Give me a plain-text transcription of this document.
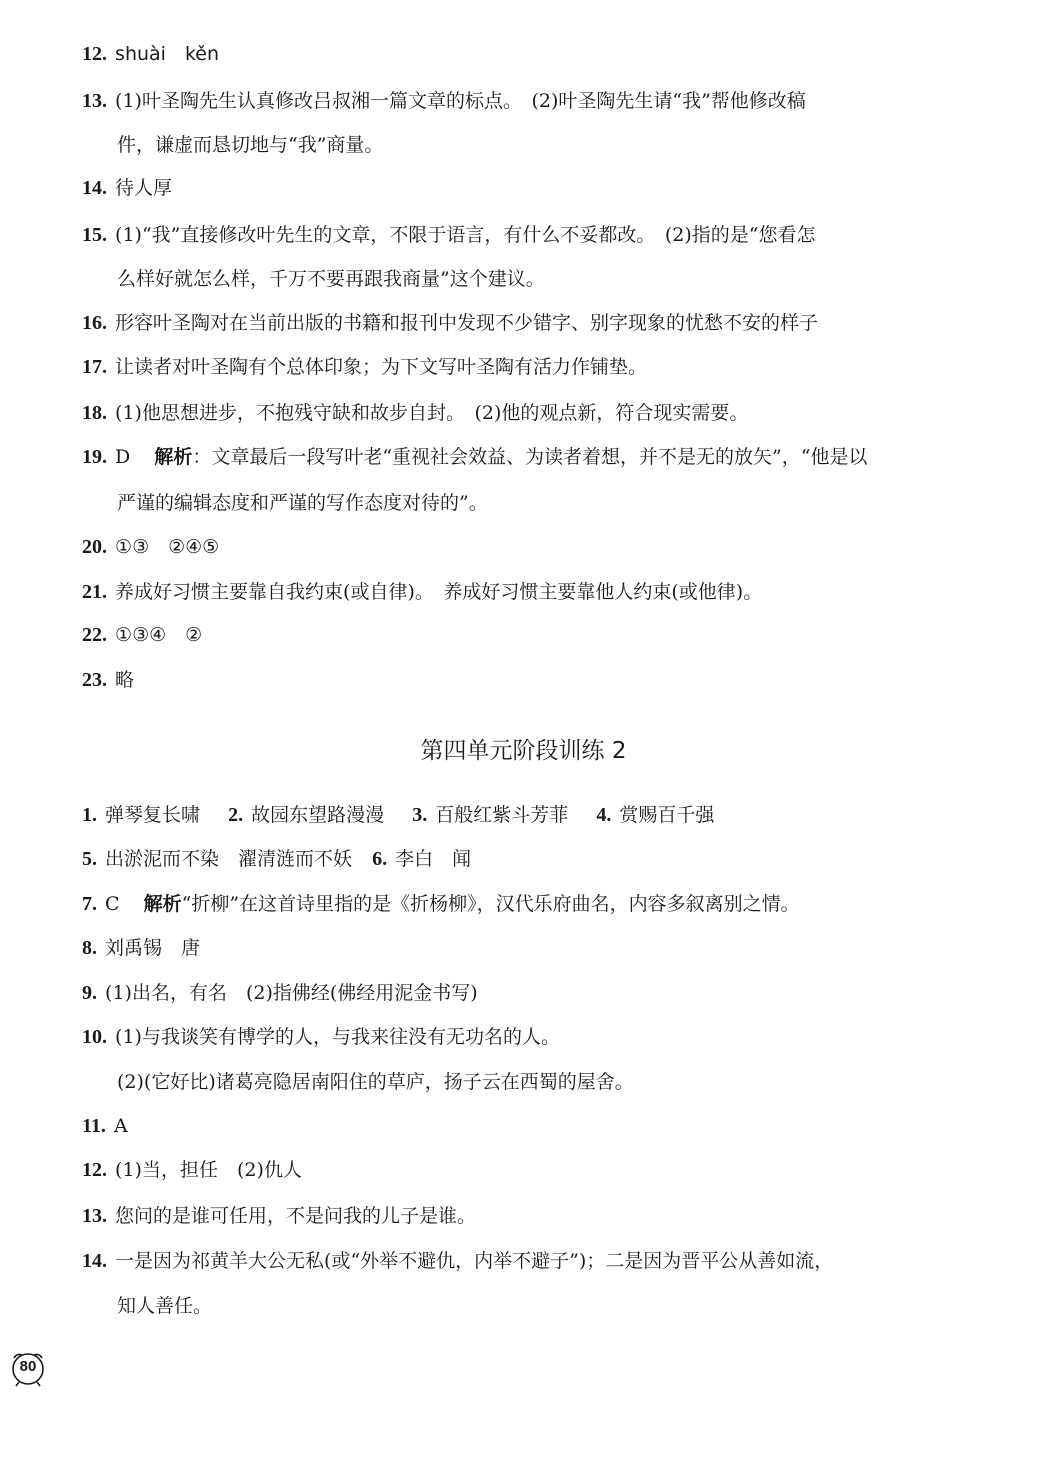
12. shuài　kěn
13. (1)叶圣陶先生认真修改吕叔湘一篇文章的标点。　(2)叶圣陶先生请“我”帮他修改稿
件，谦虚而恳切地与“我”商量。
14. 待人厚
15. (1)“我”直接修改叶先生的文章，不限于语言，有什么不妥都改。　(2)指的是“您看怎
么样好就怎么样，千万不要再跟我商量”这个建议。
16. 形容叶圣陶对在当前出版的书籍和报刊中发现不少错字、别字现象的忧愁不安的样子
17. 让读者对叶圣陶有个总体印象；为下文写叶圣陶有活力作铺垫。
18. (1)他思想进步，不抱残守缺和故步自封。　(2)他的观点新，符合现实需要。
19. D 解析：文章最后一段写叶老“重视社会效益、为读者着想，并不是无的放矢”，“他是以
严谨的编辑态度和严谨的写作态度对待的”。
20. ①③　②④⑤
21. 养成好习惯主要靠自我约束(或自律)。　养成好习惯主要靠他人约束(或他律)。
22. ①③④　②
23. 略
第四单元阶段训练 2
1. 弹琴复长啸 2. 故园东望路漫漫 3. 百般红紫斗芳菲 4. 赏赐百千强
5. 出淤泥而不染　濯清涟而不妖 6. 李白　闻
7. C 解析“折柳”在这首诗里指的是《折杨柳》，汉代乐府曲名，内容多叙离别之情。
8. 刘禹锡　唐
9. (1)出名，有名　(2)指佛经(佛经用泥金书写)
10. (1)与我谈笑有博学的人，与我来往没有无功名的人。
(2)(它好比)诸葛亮隐居南阳住的草庐，扬子云在西蜀的屋舍。
11. A
12. (1)当，担任　(2)仇人
13. 您问的是谁可任用，不是问我的儿子是谁。
14. 一是因为祁黄羊大公无私(或“外举不避仇，内举不避子”)；二是因为晋平公从善如流，
知人善任。
80
